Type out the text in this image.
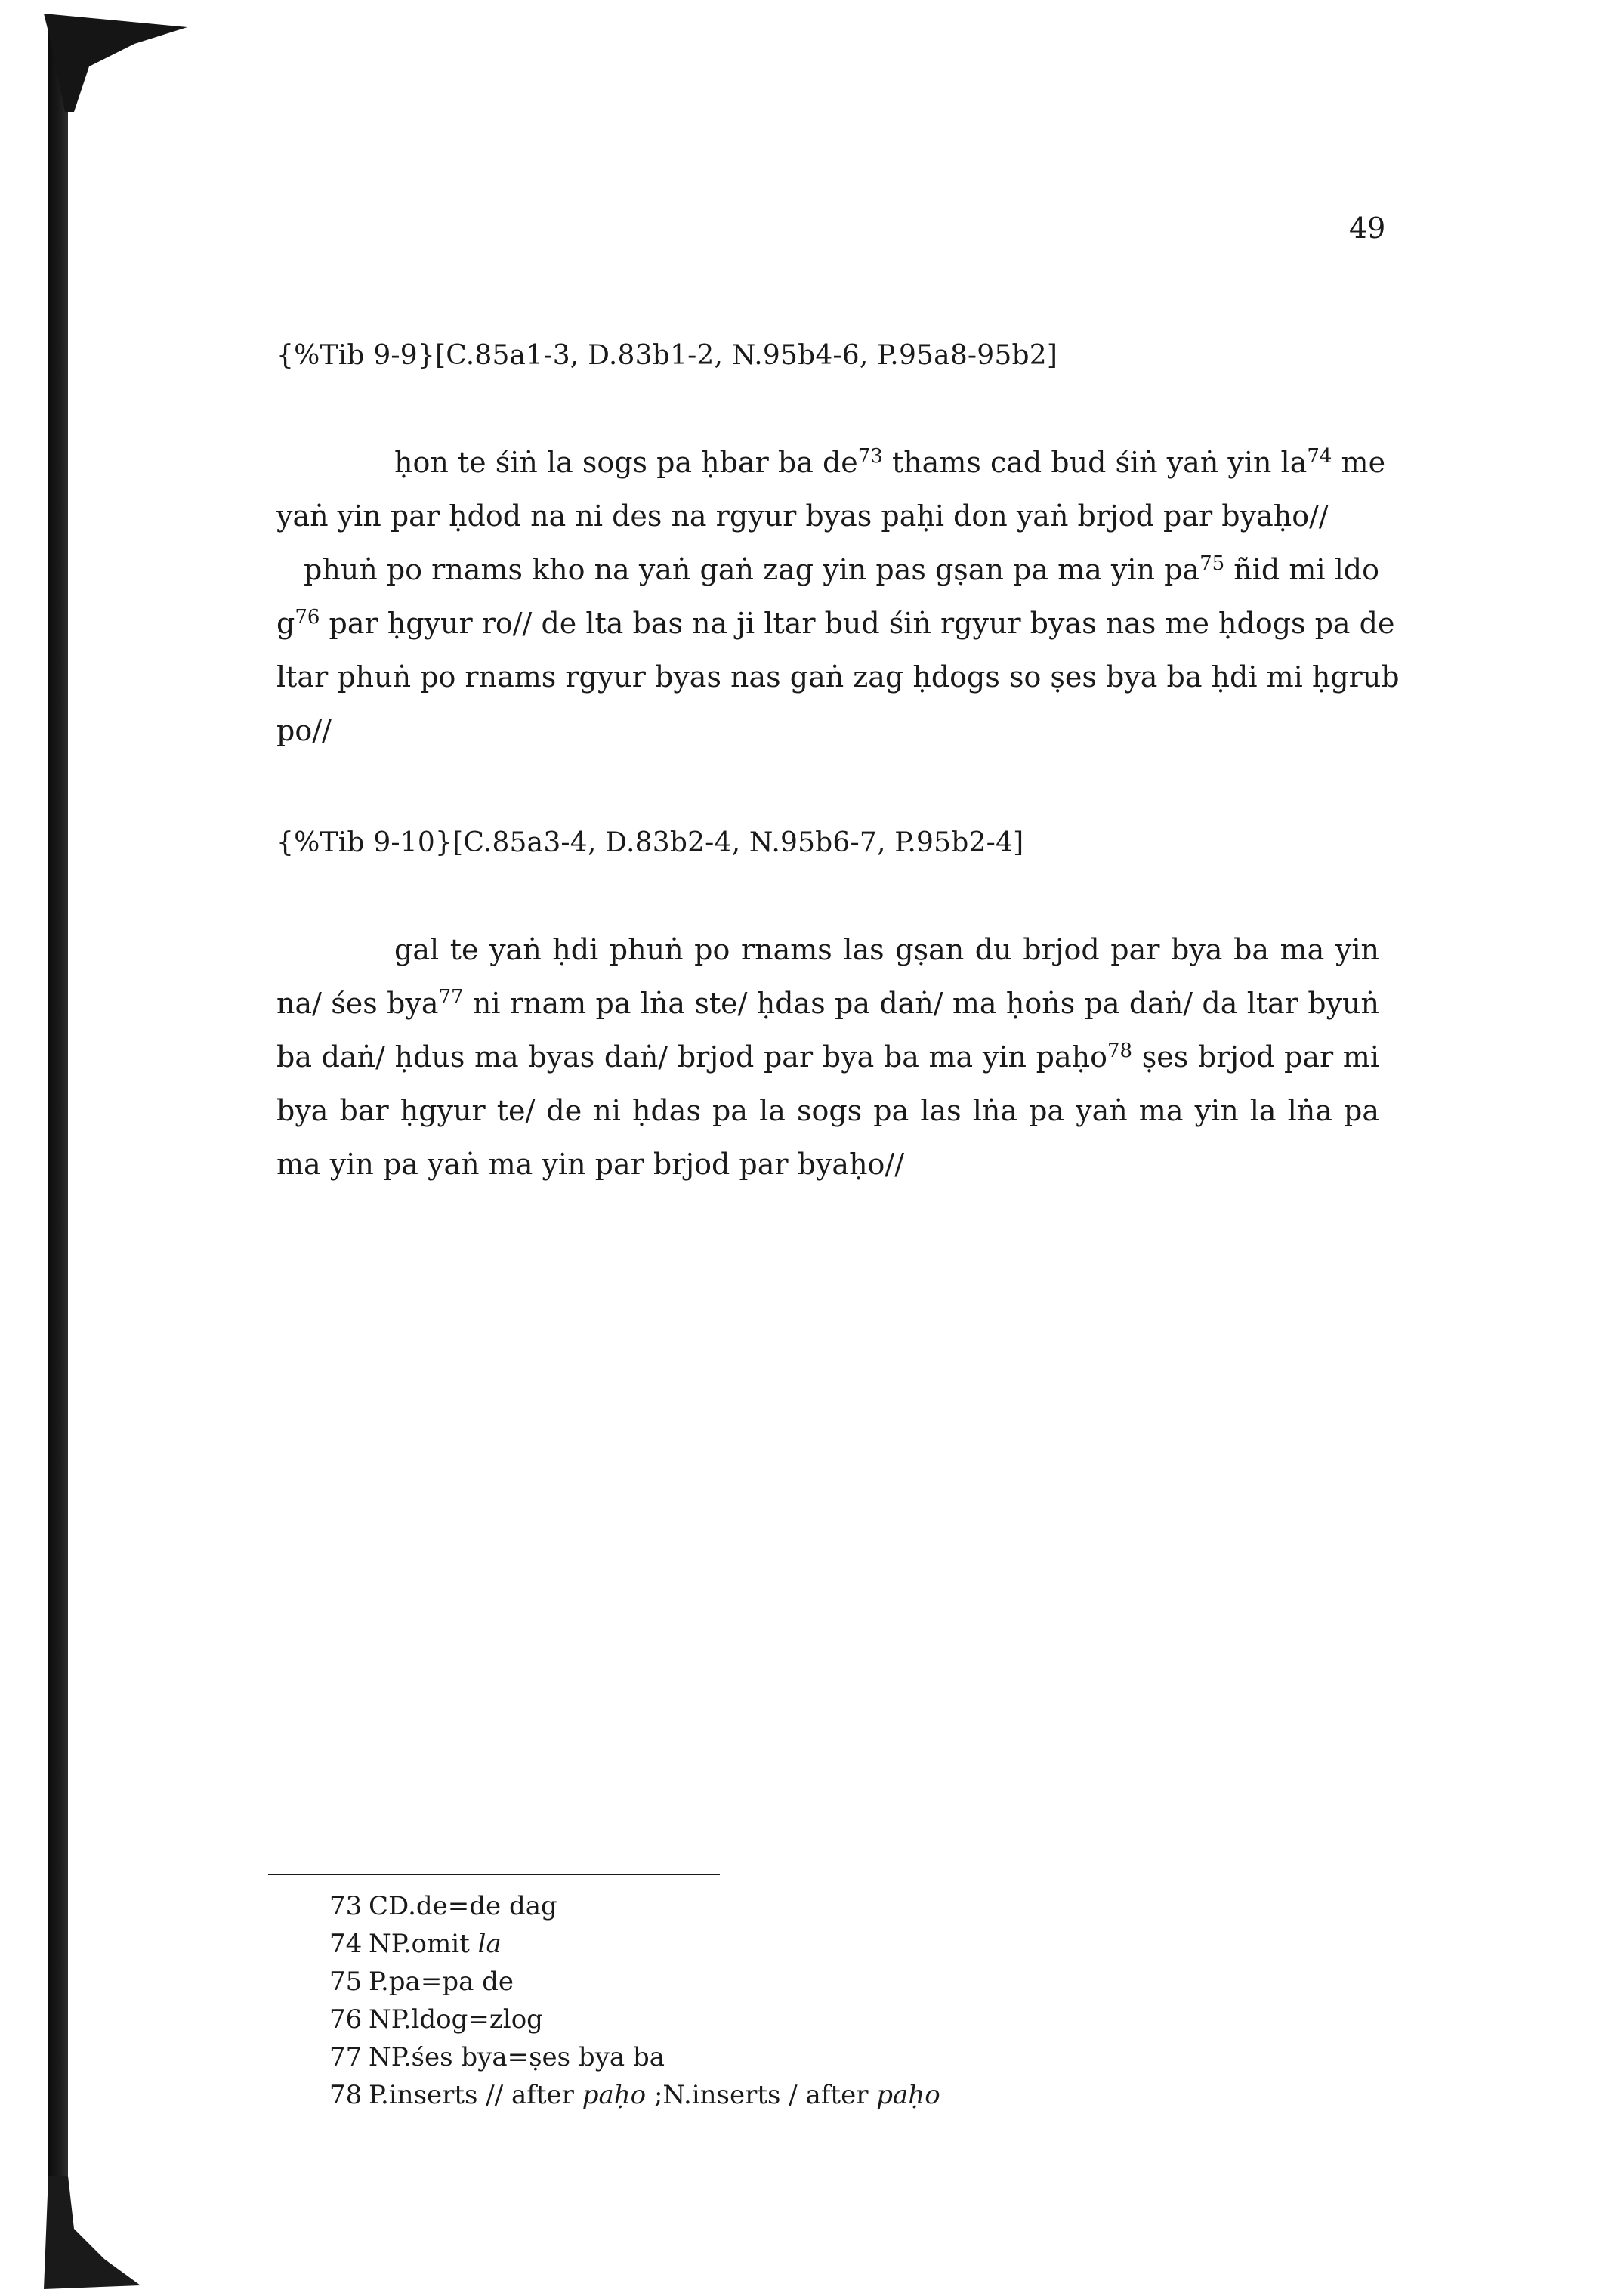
49
{%Tib 9-9}[C.85a1-3, D.83b1-2, N.95b4-6, P.95a8-95b2]
ḥon te śiṅ la sogs pa ḥbar ba $de^{73}$ thams cad bud śiṅ yaṅ yin $la^{74}$ me
yaṅ yin par ḥdod na ni des na rgyur byas paḥi don yaṅ brjod par byaḥo//
phuṅ po rnams kho na yaṅ gaṅ zag yin pas gṣan pa ma yin $pa^{75}$ ñid mi ldo
$g^{76}$ par ḥgyur ro// de lta bas na ji ltar bud śiṅ rgyur byas nas me ḥdogs pa de
ltar phuṅ po rnams rgyur byas nas gaṅ zag ḥdogs so ṣes bya ba ḥdi mi ḥgrub
po//
{%Tib 9-10}[C.85a3-4, D.83b2-4, N.95b6-7, P.95b2-4]
gal te yaṅ ḥdi phuṅ po rnams las gṣan du brjod par bya ba ma yin
na/ śes bya$^{77}$ ni rnam pa lṅa ste/ ḥdas pa daṅ/ ma ḥoṅs pa daṅ/ da ltar byuṅ
ba daṅ/ ḥdus ma byas daṅ/ brjod par bya ba ma yin paḥo$^{78}$ ṣes brjod par mi
bya bar ḥgyur te/ de ni ḥdas pa la sogs pa las lṅa pa yaṅ ma yin la lṅa pa
ma yin pa yaṅ ma yin par brjod par byaḥo//
73 CD.de=de dag
74 NP.omit la
75 P.pa=pa de
76 NP.ldog=zlog
77 NP.śes bya=ṣes bya ba
78 P.inserts // after paḥo ;N.inserts / after paḥo
